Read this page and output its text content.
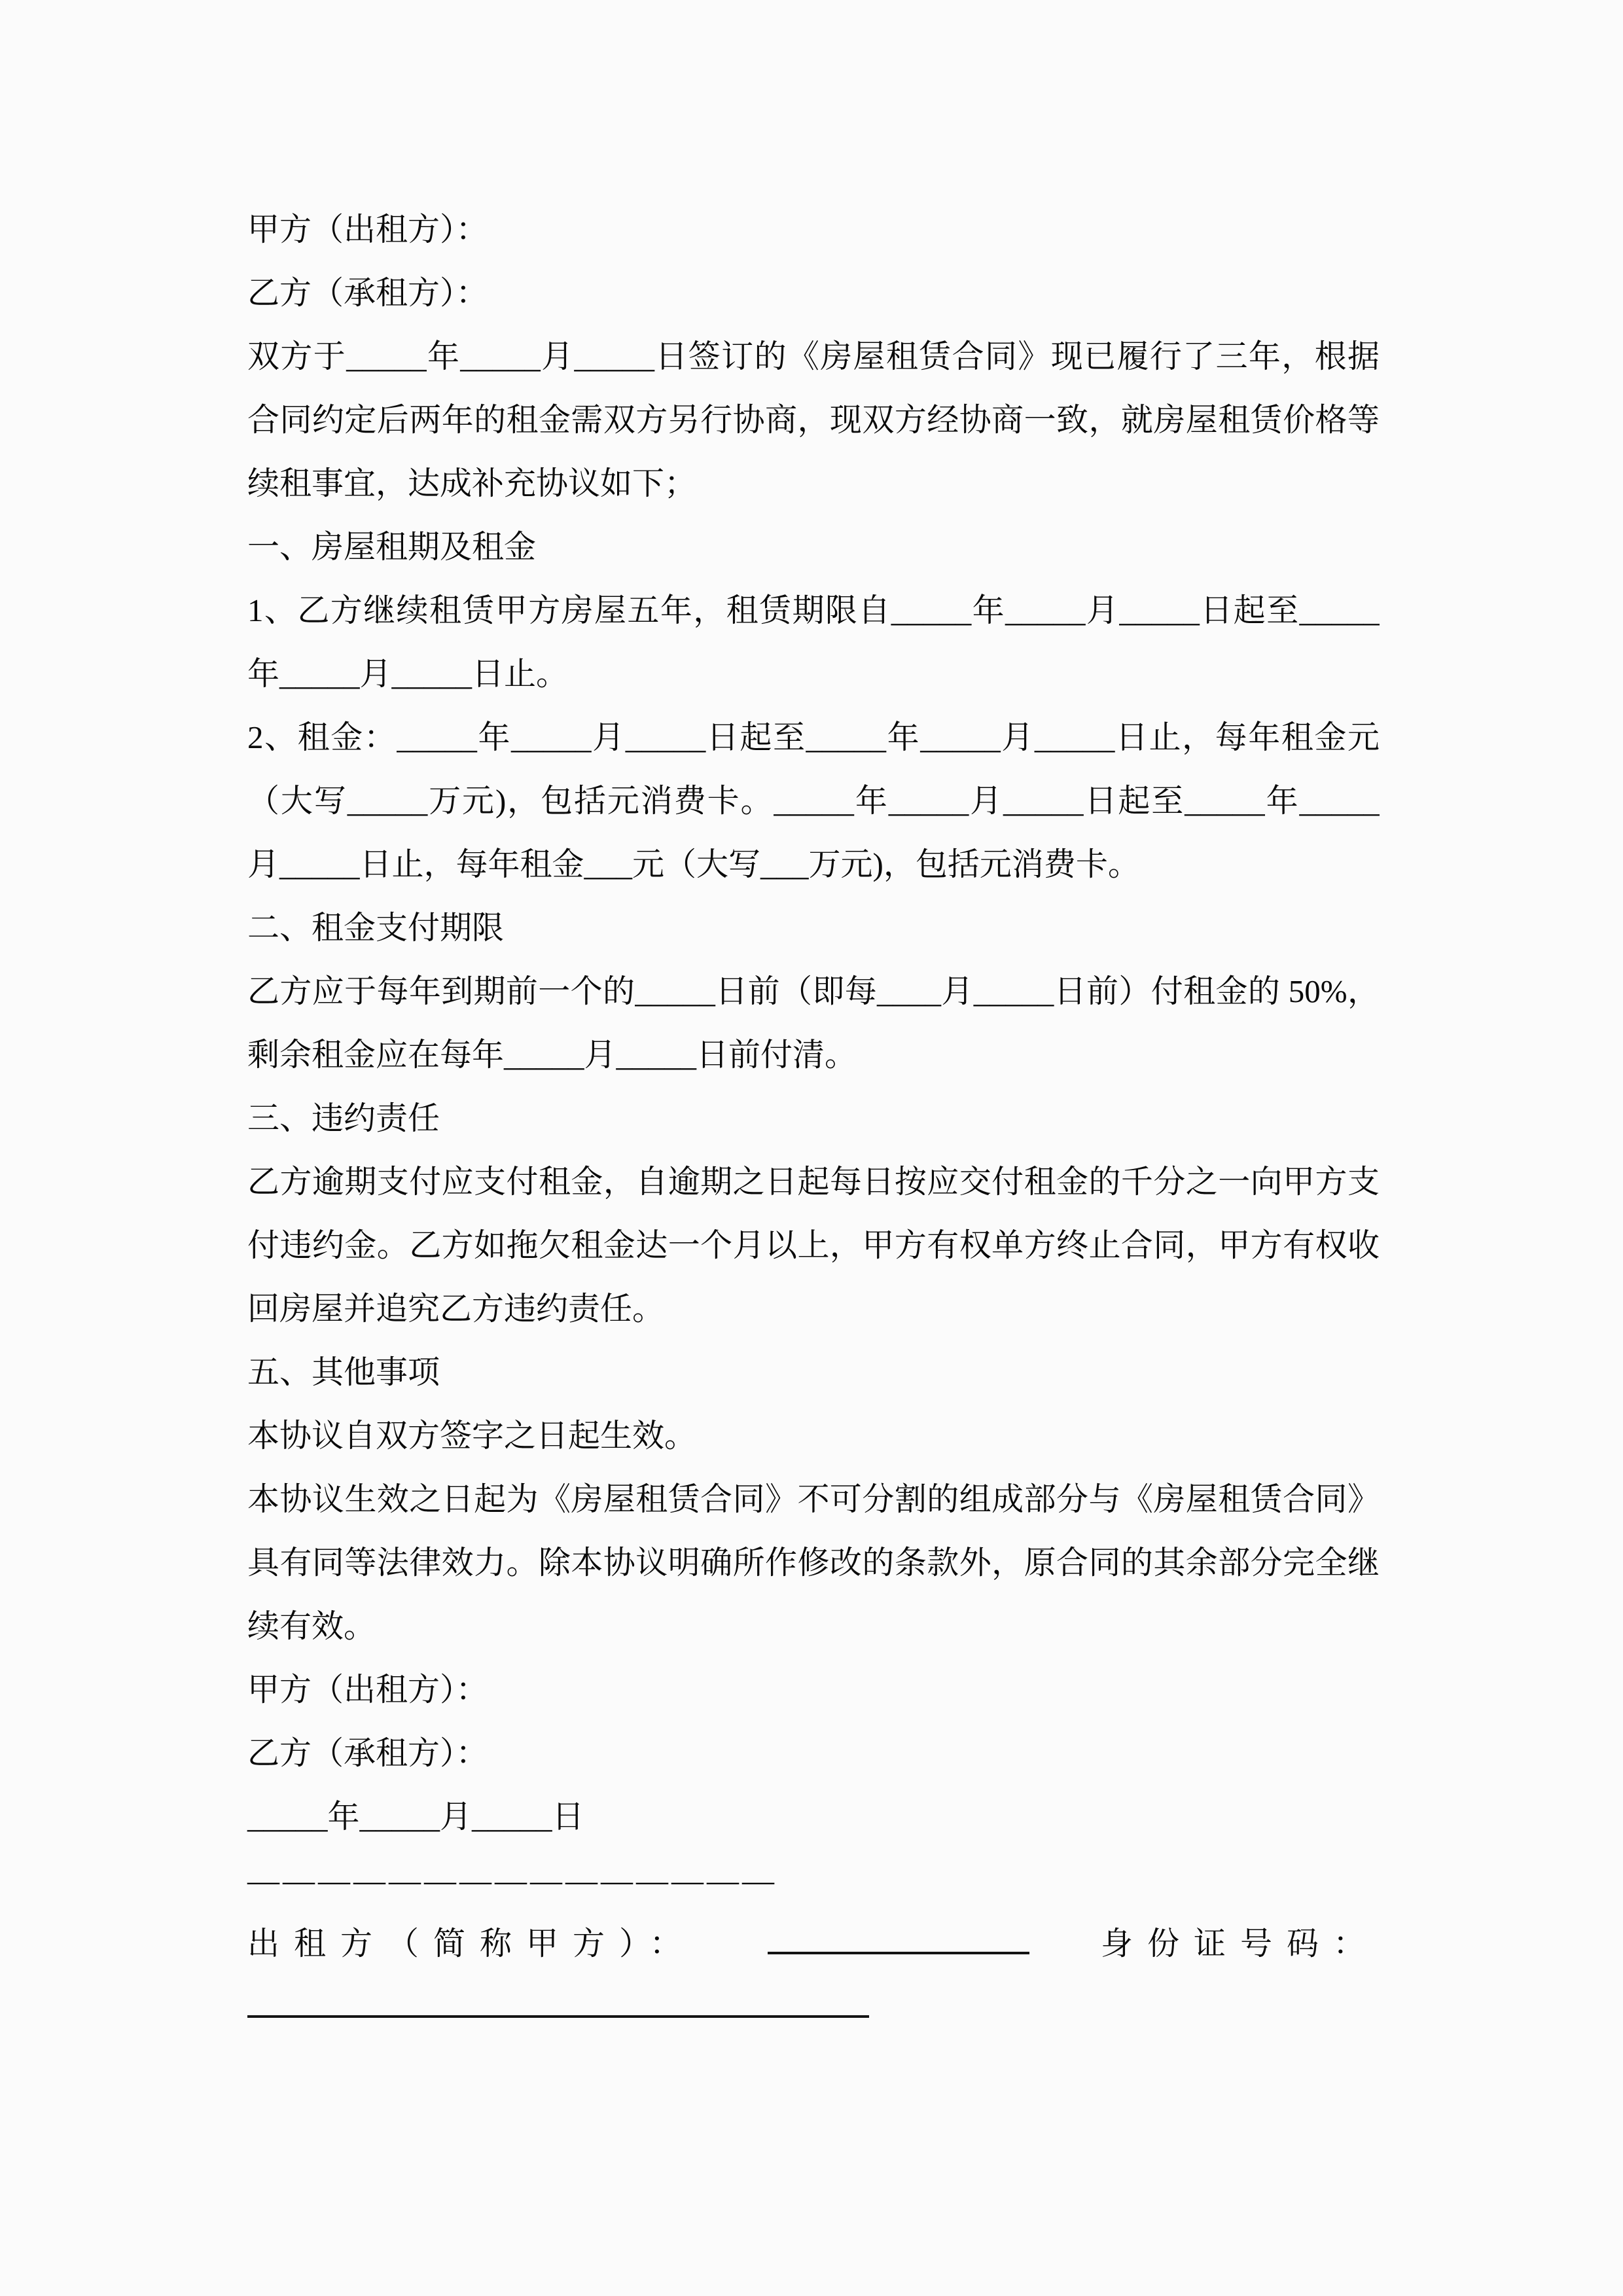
甲方（出租方）：

乙方（承租方）：

双方于_____年_____月_____日签订的《房屋租赁合同》现已履行了三年，根据

合同约定后两年的租金需双方另行协商，现双方经协商一致，就房屋租赁价格等

续租事宜，达成补充协议如下；

一、房屋租期及租金

1、乙方继续租赁甲方房屋五年，租赁期限自_____年_____月_____日起至_____

年_____月_____日止。

2、租金：_____年_____月_____日起至_____年_____月_____日止，每年租金元

（大写_____万元)，包括元消费卡。_____年_____月_____日起至_____年_____

月_____日止，每年租金___元（大写___万元)，包括元消费卡。

二、租金支付期限

乙方应于每年到期前一个的_____日前（即每____月_____日前）付租金的 50%，

剩余租金应在每年_____月_____日前付清。

三、违约责任

乙方逾期支付应支付租金，自逾期之日起每日按应交付租金的千分之一向甲方支

付违约金。乙方如拖欠租金达一个月以上，甲方有权单方终止合同，甲方有权收

回房屋并追究乙方违约责任。

五、其他事项

本协议自双方签字之日起生效。

本协议生效之日起为《房屋租赁合同》不可分割的组成部分与《房屋租赁合同》

具有同等法律效力。除本协议明确所作修改的条款外，原合同的其余部分完全继

续有效。

甲方（出租方）：

乙方（承租方）：

_____年_____月_____日

———————————————

出租方（简称甲方）：	身份证号码：
